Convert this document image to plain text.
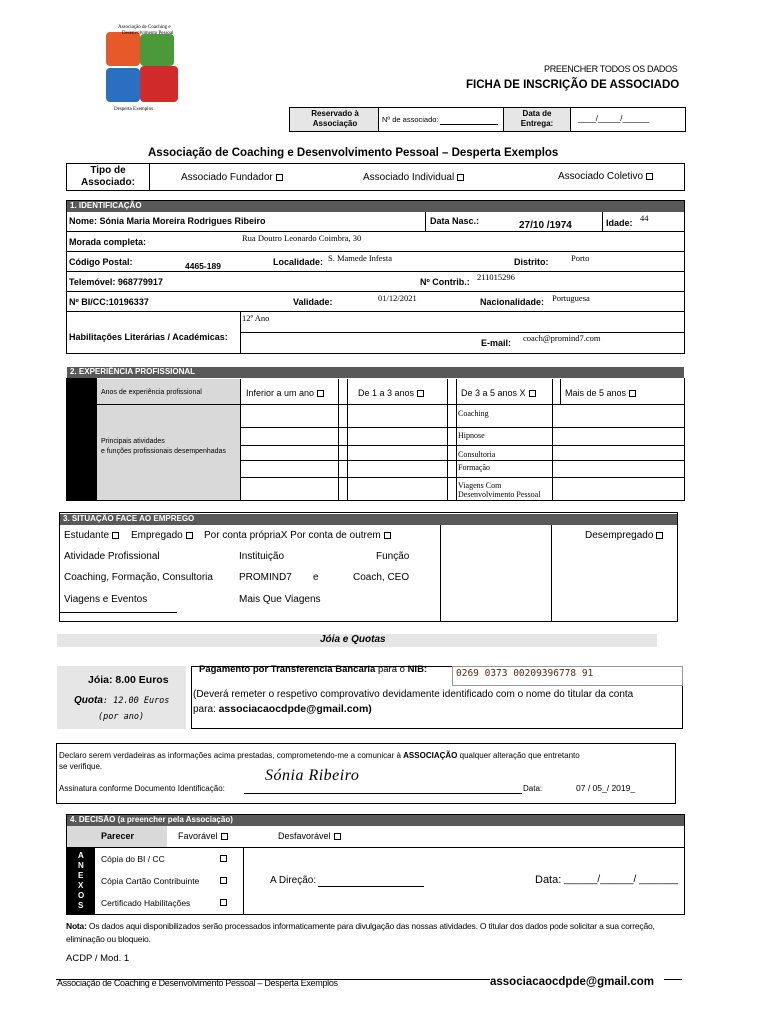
Associação de Coaching e
Desenvolvimento Pessoal
Desperta Exemplos
PREENCHER TODOS OS DADOS
FICHA DE INSCRIÇÃO DE ASSOCIADO
Reservado à Associação	Nº de associado:
Data de Entrega:
____/_____/______
Associação de Coaching e Desenvolvimento Pessoal – Desperta Exemplos
Tipo de Associado:	Associado Fundador	Associado Individual	Associado Coletivo
1. IDENTIFICAÇÃO
Nome: Sónia Maria Moreira Rodrigues Ribeiro	Data Nasc.:	27/10 /1974	Idade: 44
Morada completa:	Rua Doutro Leonardo Coimbra, 30
Código Postal:	4465-189	Localidade: S. Mamede Infesta	Distrito:	Porto
Telemóvel: 968779917	Nº Contrib.: 211015296
Nº BI/CC:10196337	Validade:	01/12/2021	Nacionalidade: Portuguesa
Habilitações Literárias / Académicas:
12º Ano
E-mail: coach@promind7.com
2. EXPERIÊNCIA PROFISSIONAL
Anos de experiência profissional	Inferior a um ano	De 1 a 3 anos	De 3 a 5 anos X	Mais de 5 anos
Principais atividades
e funções profissionais desempenhadas
Coaching
Hipnose
Consultoria
Formação
Viagens Com
Desenvolvimento Pessoal
3. SITUAÇÃO FACE AO EMPREGO
Estudante	Empregado	Por conta própriaX Por conta de outrem	Desempregado
Atividade Profissional	Instituição	Função
Coaching, Formação, Consultoria	PROMIND7 e	Coach, CEO
Viagens e Eventos	Mais Que Viagens
Jóia e Quotas
Jóia: 8.00 Euros
Quota: 12.00 Euros
(por ano)
Pagamento por Transferencia Bancaria para o NIB:	0269 0373 00209396778 91
(Deverá remeter o respetivo comprovativo devidamente identificado com o nome do titular da conta
para: associacaocdpde@gmail.com)
Declaro serem verdadeiras as informações acima prestadas, comprometendo-me a comunicar à ASSOCIAÇÃO qualquer alteração que entretanto
se verifique.
Assinatura conforme Documento Identificação:
Sónia Ribeiro
Data:	07 / 05_/ 2019_
4. DECISÃO (a preencher pela Associação)
Parecer	Favorável	Desfavorável
A
N
E
X
O
S
Cópia do BI / CC
Cópia Cartão Contribuinte
Certificado Habilitações
A Direção:	Data: ______/______/ _______
Nota: Os dados aqui disponibilizados serão processados informaticamente para divulgação das nossas atividades. O titular dos dados pode solicitar a sua correção, eliminação ou bloqueio.
ACDP / Mod. 1
Associação de Coaching e Desenvolvimento Pessoal – Desperta Exemplos	associacaocdpde@gmail.com
